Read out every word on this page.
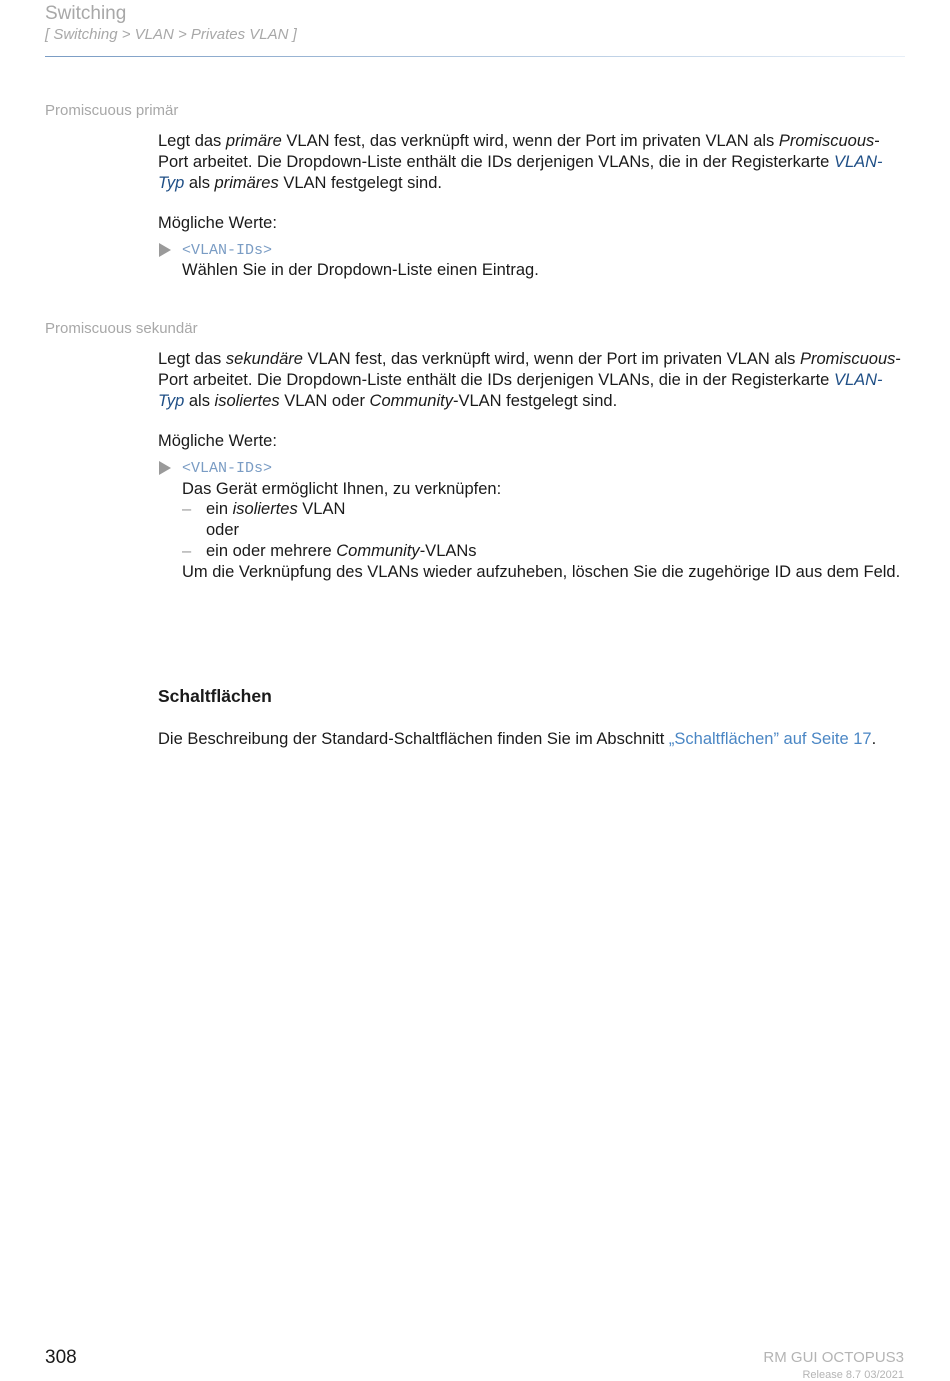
Switching
[ Switching > VLAN > Privates VLAN ]
Promiscuous primär
Legt das primäre VLAN fest, das verknüpft wird, wenn der Port im privaten VLAN als Promiscuous-Port arbeitet. Die Dropdown-Liste enthält die IDs derjenigen VLANs, die in der Registerkarte VLAN-Typ als primäres VLAN festgelegt sind.
Mögliche Werte:
<VLAN-IDs>
Wählen Sie in der Dropdown-Liste einen Eintrag.
Promiscuous sekundär
Legt das sekundäre VLAN fest, das verknüpft wird, wenn der Port im privaten VLAN als Promiscuous-Port arbeitet. Die Dropdown-Liste enthält die IDs derjenigen VLANs, die in der Registerkarte VLAN-Typ als isoliertes VLAN oder Community-VLAN festgelegt sind.
Mögliche Werte:
<VLAN-IDs>
Das Gerät ermöglicht Ihnen, zu verknüpfen:
– ein isoliertes VLAN
oder
– ein oder mehrere Community-VLANs
Um die Verknüpfung des VLANs wieder aufzuheben, löschen Sie die zugehörige ID aus dem Feld.
Schaltflächen
Die Beschreibung der Standard-Schaltflächen finden Sie im Abschnitt „Schaltflächen” auf Seite 17.
308	RM GUI OCTOPUS3
Release 8.7 03/2021
